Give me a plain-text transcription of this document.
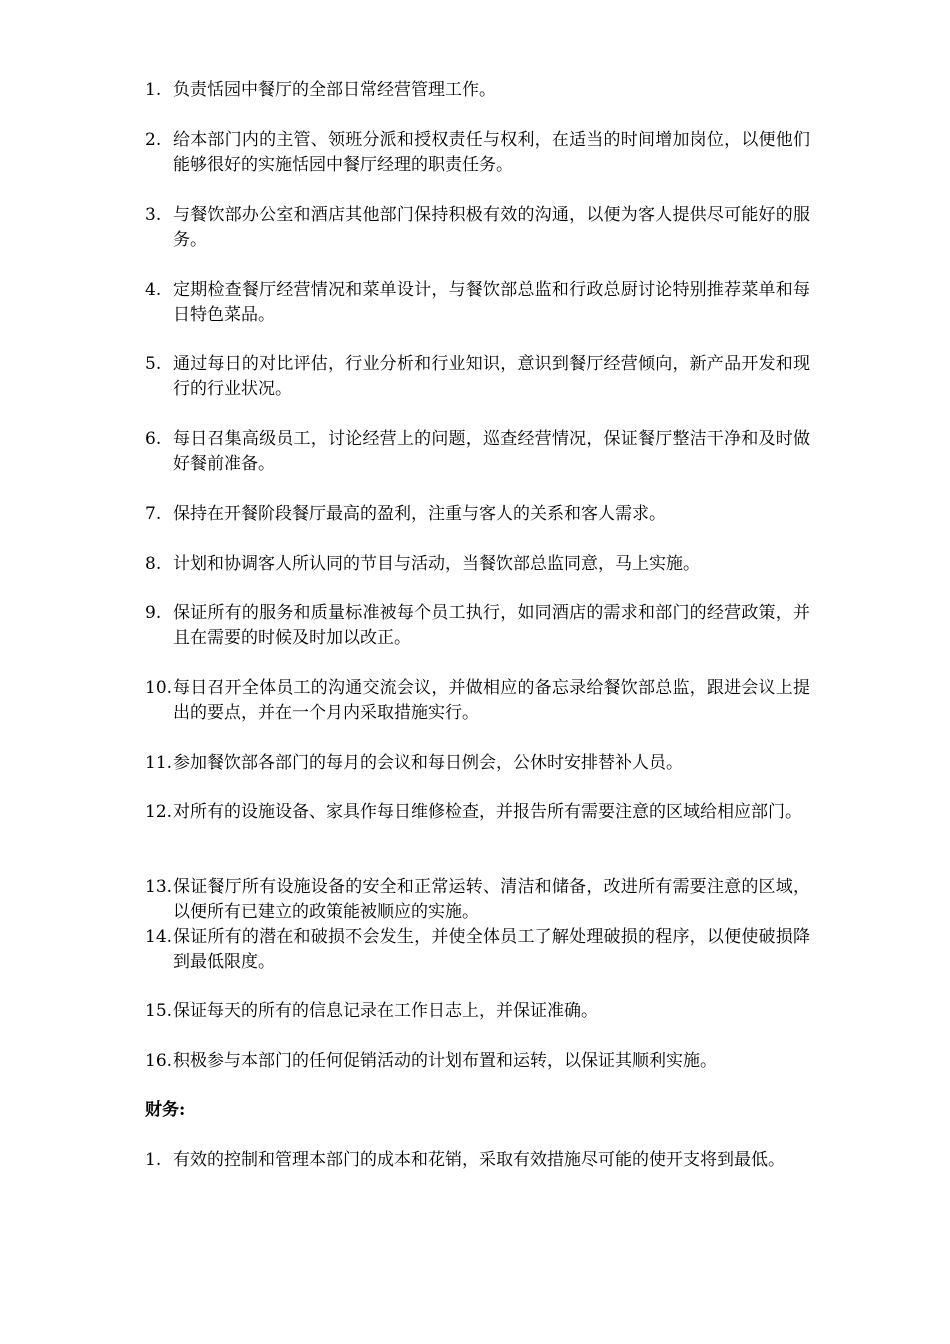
1. 负责恬园中餐厅的全部日常经营管理工作。
2. 给本部门内的主管、领班分派和授权责任与权利，在适当的时间增加岗位，以便他们能够很好的实施恬园中餐厅经理的职责任务。
3. 与餐饮部办公室和酒店其他部门保持积极有效的沟通，以便为客人提供尽可能好的服务。
4. 定期检查餐厅经营情况和菜单设计，与餐饮部总监和行政总厨讨论特别推荐菜单和每日特色菜品。
5. 通过每日的对比评估，行业分析和行业知识，意识到餐厅经营倾向，新产品开发和现行的行业状况。
6. 每日召集高级员工，讨论经营上的问题，巡查经营情况，保证餐厅整洁干净和及时做好餐前准备。
7. 保持在开餐阶段餐厅最高的盈利，注重与客人的关系和客人需求。
8. 计划和协调客人所认同的节目与活动，当餐饮部总监同意，马上实施。
9. 保证所有的服务和质量标准被每个员工执行，如同酒店的需求和部门的经营政策，并且在需要的时候及时加以改正。
10. 每日召开全体员工的沟通交流会议，并做相应的备忘录给餐饮部总监，跟进会议上提出的要点，并在一个月内采取措施实行。
11. 参加餐饮部各部门的每月的会议和每日例会，公休时安排替补人员。
12. 对所有的设施设备、家具作每日维修检查，并报告所有需要注意的区域给相应部门。
13. 保证餐厅所有设施设备的安全和正常运转、清洁和储备，改进所有需要注意的区域，以便所有已建立的政策能被顺应的实施。
14. 保证所有的潜在和破损不会发生，并使全体员工了解处理破损的程序，以便使破损降到最低限度。
15. 保证每天的所有的信息记录在工作日志上，并保证准确。
16. 积极参与本部门的任何促销活动的计划布置和运转，以保证其顺利实施。
财务:
1. 有效的控制和管理本部门的成本和花销，采取有效措施尽可能的使开支将到最低。
